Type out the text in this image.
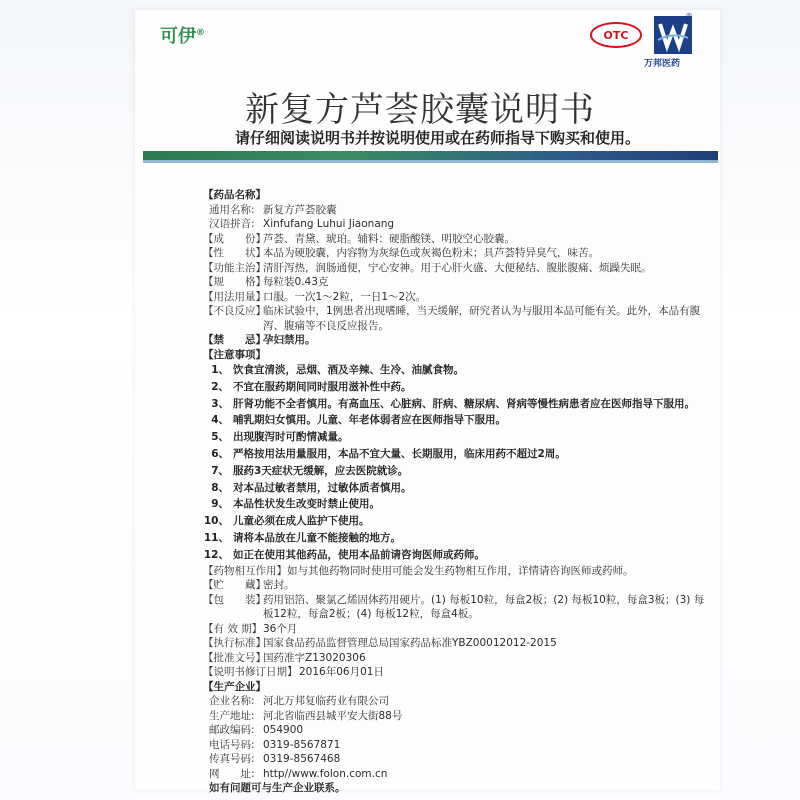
可伊®	OTC
®
万邦医药
新复方芦荟胶囊说明书
请仔细阅读说明书并按说明使用或在药师指导下购买和使用。
【药品名称】
通用名称: 新复方芦荟胶囊
汉语拼音: Xinfufang Luhui Jiaonang
【成　　份】
芦荟、青黛、琥珀。辅料：硬脂酸镁、明胶空心胶囊。
【性　　状】
本品为硬胶囊，内容物为灰绿色或灰褐色粉末；具芦荟特异臭气，味苦。
【功能主治】
清肝泻热，润肠通便，宁心安神。用于心肝火盛、大便秘结、腹胀腹痛、烦躁失眠。
【规　　格】
每粒装0.43克
【用法用量】
口服。一次1～2粒，一日1～2次。
【不良反应】
临床试验中，1例患者出现嗜睡，当天缓解，研究者认为与服用本品可能有关。此外，本品有腹泻、腹痛等不良反应报告。
【禁　　忌】
孕妇禁用。
【注意事项】
1、 饮食宜清淡，忌烟、酒及辛辣、生冷、油腻食物。
2、 不宜在服药期间同时服用滋补性中药。
3、 肝肾功能不全者慎用。有高血压、心脏病、肝病、糖尿病、肾病等慢性病患者应在医师指导下服用。
4、 哺乳期妇女慎用。儿童、年老体弱者应在医师指导下服用。
5、 出现腹泻时可酌情减量。
6、 严格按用法用量服用，本品不宜大量、长期服用，临床用药不超过2周。
7、 服药3天症状无缓解，应去医院就诊。
8、 对本品过敏者禁用，过敏体质者慎用。
9、 本品性状发生改变时禁止使用。
10、 儿童必须在成人监护下使用。
11、 请将本品放在儿童不能接触的地方。
12、 如正在使用其他药品，使用本品前请咨询医师或药师。
【药物相互作用】 如与其他药物同时使用可能会发生药物相互作用，详情请咨询医师或药师。
【贮　　藏】
密封。
【包　　装】
药用铝箔、聚氯乙烯固体药用硬片。(1) 每板10粒，每盒2板；(2) 每板10粒，每盒3板；(3) 每板12粒，每盒2板；(4) 每板12粒，每盒4板。
【有 效 期】 36个月
【执行标准】
国家食品药品监督管理总局国家药品标准YBZ00012012-2015
【批准文号】
国药准字Z13020306
【说明书修订日期】 2016年06月01日
【生产企业】
企业名称: 河北万邦复临药业有限公司
生产地址: 河北省临西县城平安大街88号
邮政编码: 054900
电话号码: 0319-8567871
传真号码: 0319-8567468
网　　址: http//www.folon.com.cn
如有问题可与生产企业联系。
